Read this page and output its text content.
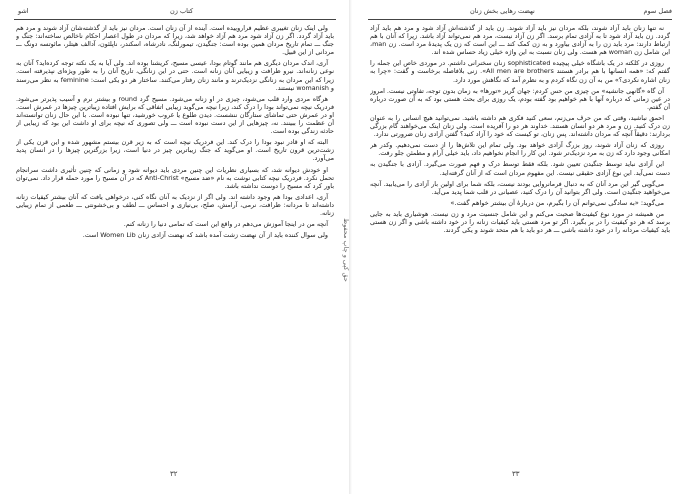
کتاب زن
اشو

ولی اینک زنان تغییری عظیم فراروییده است. آینده از آن زنان است. مردان نیز باید از گذشته‌شان آزاد شوند و مرد هم باید آزاد گردد. اگر زن آزاد شود مرد هم آزاد خواهد شد، زیرا که مردان در طول اعصار احکام ناخالص ساخته‌اند: جنگ و جنگ ـــ تمام تاریخ مردان همین بوده است: جنگیدن، تیمورلنگ، نادرشاه، اسکندر، ناپلئون، آدالف هیتلر، مائوتسه دونگ ـــ مردانی از این قبیل.

آری، اندک مردان دیگری هم مانند گوتام بودا، عیسی مسیح، کریشنا بوده اند. ولی آیا به یک نکته توجه کرده‌اید؟ آنان به نوعی زنانه‌اند. نیرو ظرافت و زیبایی آنان زنانه است. حتی در این زنانگی، تاریخ آنان را به طور ویژه‌ای نپذیرفته است. زیرا که این مردان به زنانگی نزدیک‌ترند و مانند زنان رفتار می‌کنند. ساختار هر دو یکی است: feminine به نظر می‌رسند و womanish نیستند.

هرگاه مردی وارد قلب می‌شود، چیزی در او زنانه می‌شود. مسیح گرد round و بیشتر نرم و آسیب پذیرتر می‌شود. فردریک نیچه نمی‌تواند بودا را درک کند، زیرا نیچه می‌گوید زیبایی اتفاقی که برایش افتاده زیباترین چیزها در عمرش است. او در عمرش حتی تماشای ستارگان ننشست. دیدن طلوع یا غروب خورشید، تنها نبوده است. با این حال زنان توانسته‌اند آن عظمت را ببینند. نه، چیزهایی از این دست نبوده است ـــ ولی تصوری که نیچه برای او داشت این بود که زیبایی از حادثه زندگی بوده است.

البته که او قادر نبود بودا را درک کند. این فردریک نیچه است که به زیر قرن بیستم مشهور شده و این قرن یکی از زشت‌ترین قرون تاریخ است. او می‌گوید که جنگ زیباترین چیز در دنیا است، زیرا بزرگترین چیزها را در انسان پدید می‌آورد.

او خودش دیوانه شد، که بسیاری نظریات این چنین مردی باید دیوانه شود و زمانی که چنین تأثیری داشت سرانجام تحمل نکرد. فردریک نیچه کتابی نوشت به نام «ضد مسیح» Anti-Christ که در آن مسیح را مورد حمله قرار داد. نمی‌توان باور کرد که مسیح را دوست نداشته باشد.

آری، اعدادی بودا هم وجود داشته اند. ولی اگر از نزدیک به آنان نگاه کنی، درخواهی یافت که آنان بیشتر کیفیات زنانه داشته‌اند تا مردانه: ظرافت، نرمی، آرامش، صلح، بی‌نیازی و احساس ـــ لطف و بی‌خشونتی ـــ طعمی از تمام زیبایی زنانه.

آنچه من در اینجا آموزش می‌دهم در واقع این است که تمامی دنیا را زنانه کنم.

ولی سوال کننده باید از آن نهضت زشت آمده باشد که نهضت آزادی زنان Women Lib است.

۳۲
حق کپی و چاپ محفوظ
فصل سوم
نهضت رهایی بخش زنان

نه تنها زنان باید آزاد شوند، بلکه مردان نیز باید آزاد شوند. زن باید از گذشته‌اش آزاد شود و مرد هم باید آزاد گردد. زن باید آزاد شود تا به آزادی تمام برسد. اگر زن آزاد نیست، مرد هم نمی‌تواند آزاد باشد. زیرا که آنان با هم ارتباط دارند: مرد باید زن را به آزادی بیاورد و به زن کمک کند ـــ این است که زن یک پدیدهٔ مرد است. زن man، این شامل زن woman هم هست. ولی زنان نسبت به این واژه خیلی زیاد حساس شده اند.

روزی در کلکته در یک باشگاه خیلی پیچیده sophisticated زنان سخنرانی داشتم. در موردی خاص این جمله را گفتم که: «همه انسانها با هم برادر هستند All men are brothers». زنی بلافاصله برخاست و گفت: «چرا به زنان اشاره نکردی؟» من به آن زن نگاه کردم و به نظرم آمد که نگاهش مورد دارد.

آن گاه «گانهی جانشیه» من چیزی من حس کردم: جهان گریز «تورها» به زمان بدون توجه، تفاوتی نیست. امروز در عین زمانی که درباره آنها با هم خواهیم بود گفته بودم، یک روزی برای بحث هستی بود که به آن صورت درباره آن گفتم.

احمق نباشید، وقتی که من حرف می‌زنم، سعی کنید فکری هم داشته باشید. نمی‌توانید هیچ انسانی را به عنوان زن درک کنید. زن و مرد هر دو انسان هستند. خداوند هر دو را آفریده است. ولی زنان اینک می‌خواهند گام بزرگی بردارند: دقیقاً آنچه که مردان داشته‌اند. پس زنان، تو کیست که خود را آزاد کنید؟ گفتن آزادی زنان ضرورتی ندارد.

روزی که زنان آزاد شوند، روز بزرگ آزادی خواهد بود. ولی تمام این تلاش‌ها را از دست نمی‌دهیم. وکدر هر امکانی وجود دارد که زن به مرد نزدیک‌تر شود. این کار را انجام نخواهیم داد، باید خیلی آرام و مطمئن جلو رفت.

این آزادی نباید توسط جنگیدن تعیین شود. بلکه فقط توسط درک و فهم صورت می‌گیرد. آزادی با جنگیدن به دست نمی‌آید. این نوع آزادی حقیقی نیست. این مفهوم مردان است که از آنان گرفته‌اید.

می‌گویی گیر این مرد آنان که به دنبال فرمانروایی بودند نیست، بلکه شما برای اولین بار آزادی را می‌یابید. آنچه می‌خواهید جنگیدن است. ولی اگر بتوانید آن را درک کنید، عصیانی در قلب شما پدید می‌آید.

می‌گوید: «به سادگی نمی‌توانم آن را بگیرم، من دربارهٔ آن بیشتر خواهم گفت.»

من همیشه در مورد نوع کیفیت‌ها صحبت می‌کنم و این شامل جنسیت مرد و زن نیست. هوشیاری باید به جایی برسد که هر دو کیفیت را در بر بگیرد. اگر تو مرد هستی باید کیفیات زنانه را در خود داشته باشی و اگر زن هستی باید کیفیات مردانه را در خود داشته باشی ـــ هر دو باید با هم متحد شوند و یکی گردند.

۳۳
